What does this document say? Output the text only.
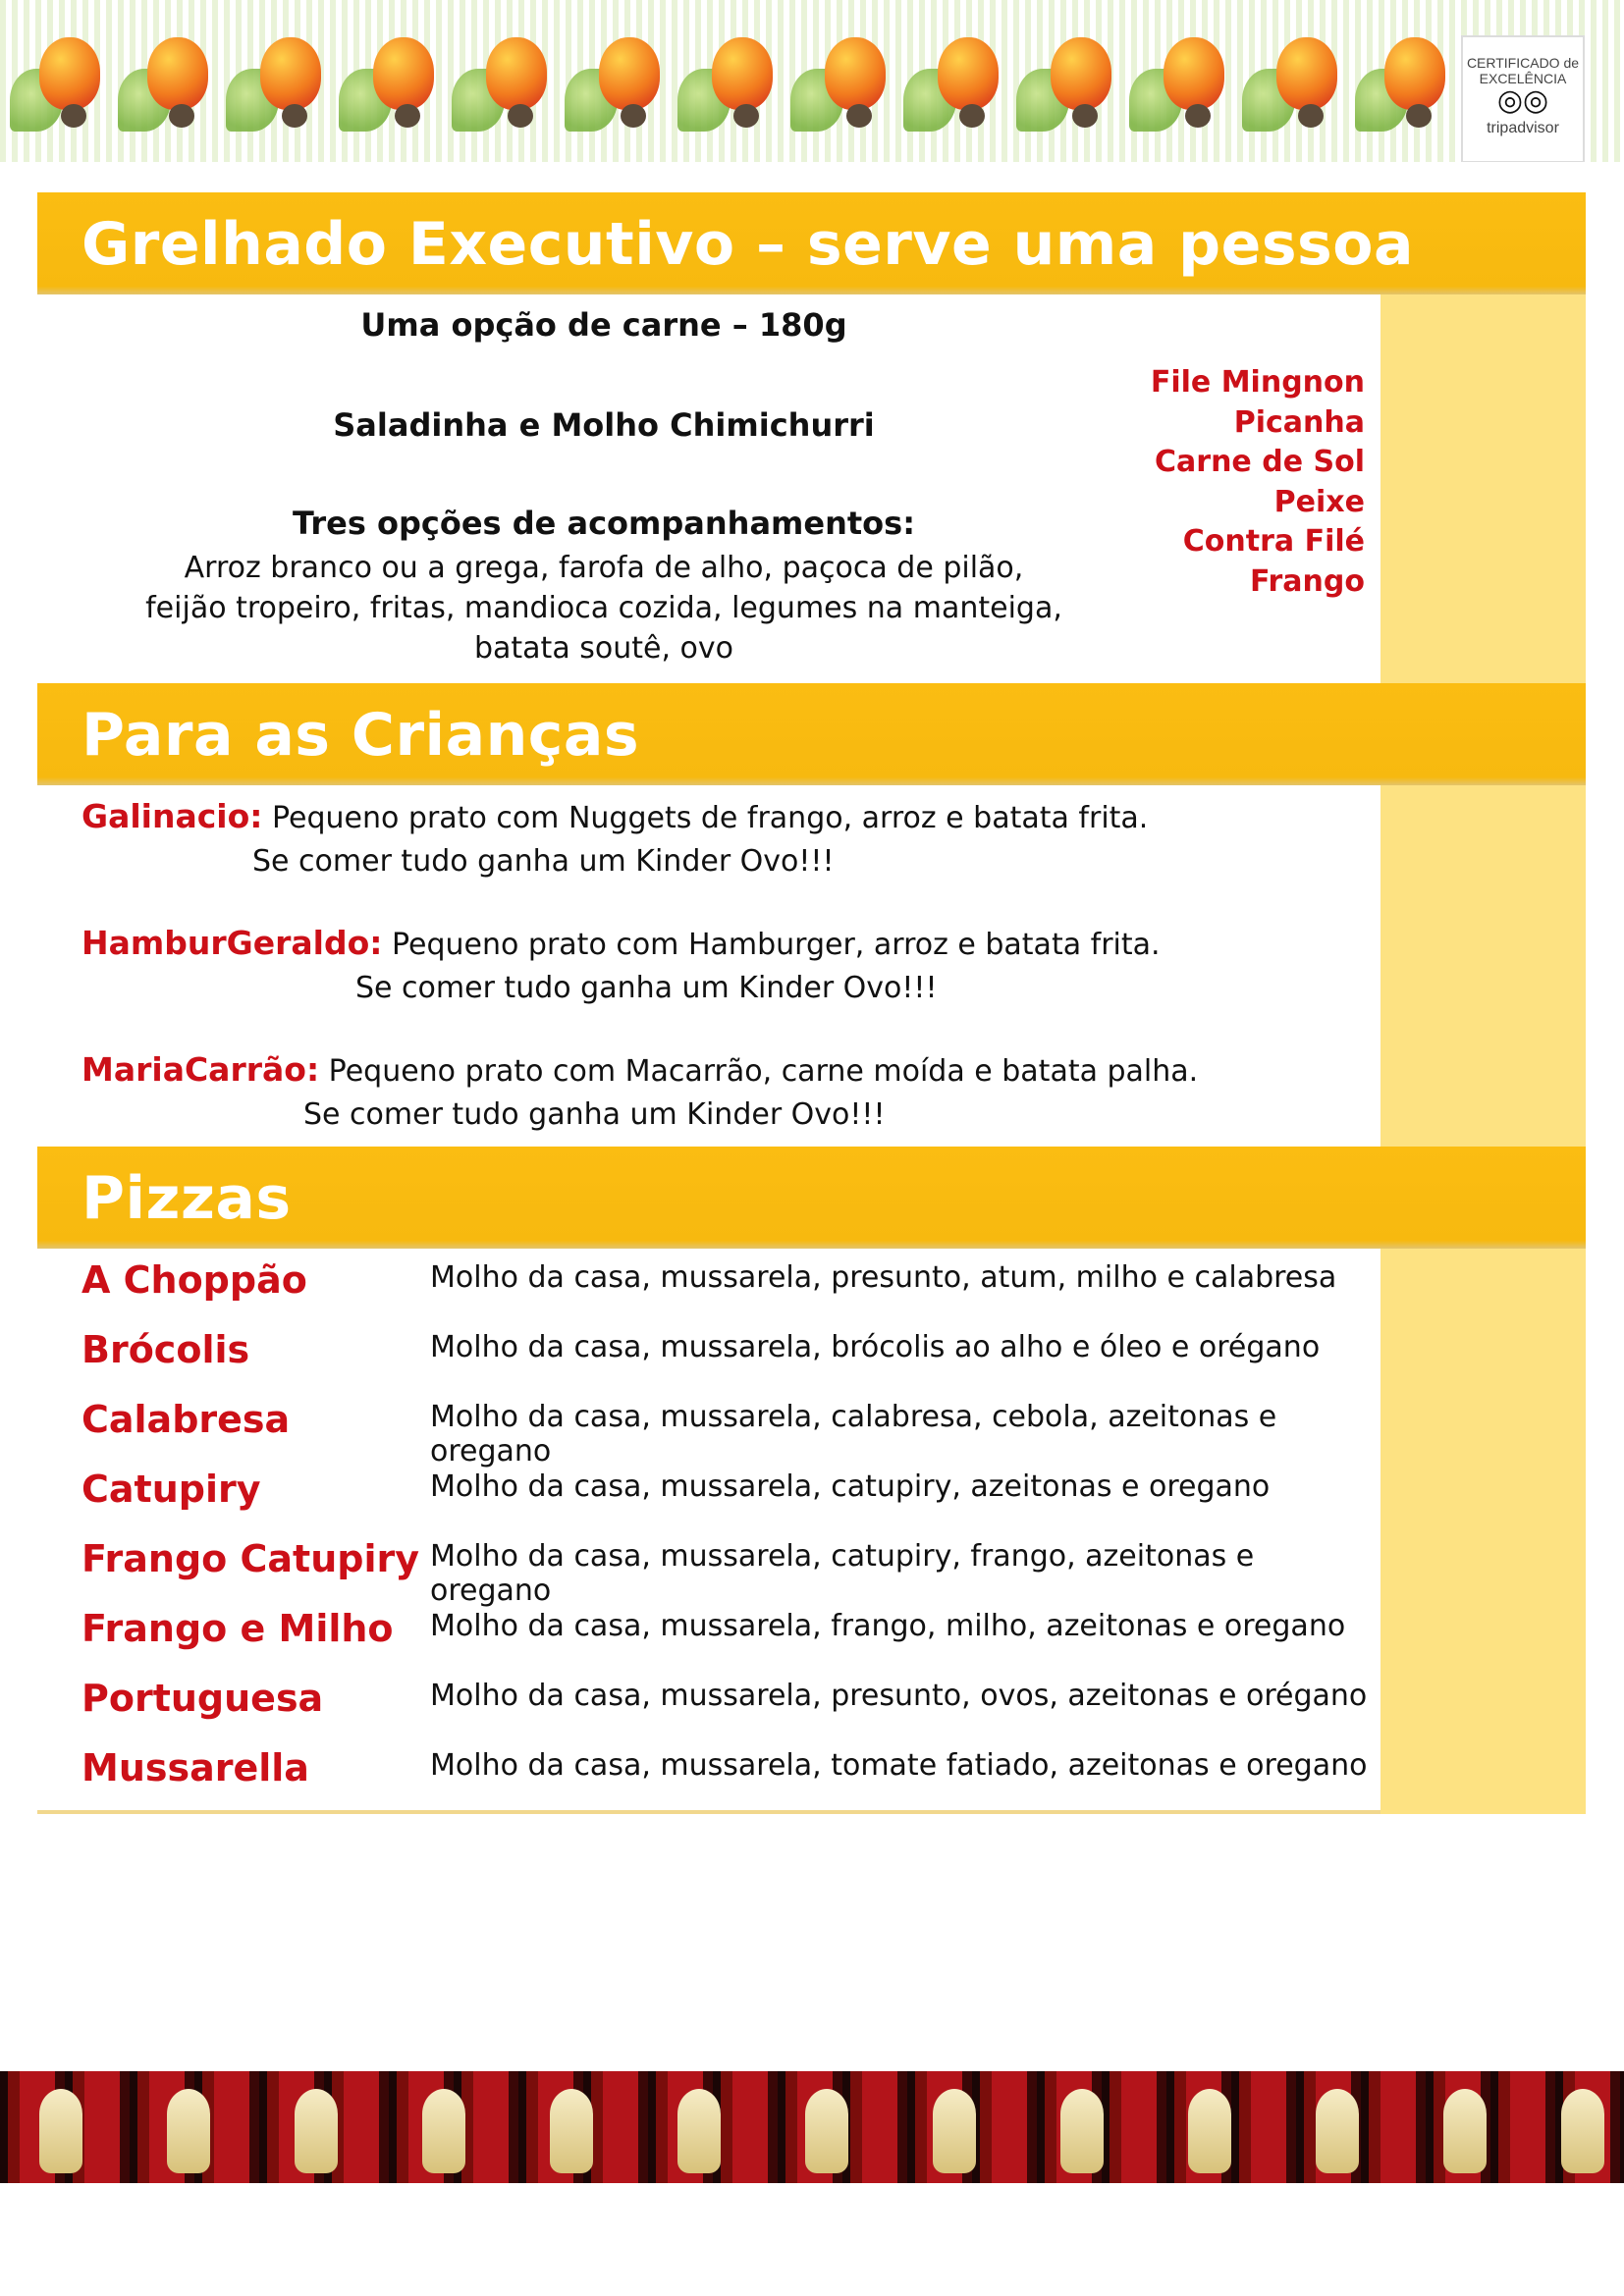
CERTIFICADO de EXCELÊNCIA
◎◎
tripadvisor
Grelhado Executivo – serve uma pessoa
Uma opção de carne – 180g
Saladinha e Molho Chimichurri
Tres opções de acompanhamentos:
Arroz branco ou a grega, farofa de alho, paçoca de pilão,
feijão tropeiro, fritas, mandioca cozida, legumes na manteiga,
batata soutê, ovo
File Mingnon
Picanha
Carne de Sol
Peixe
Contra Filé
Frango
Para as Crianças
Galinacio: Pequeno prato com Nuggets de frango, arroz e batata frita.
Se comer tudo ganha um Kinder Ovo!!!
HamburGeraldo: Pequeno prato com Hamburger, arroz e batata frita.
Se comer tudo ganha um Kinder Ovo!!!
MariaCarrão: Pequeno prato com Macarrão, carne moída e batata palha.
Se comer tudo ganha um Kinder Ovo!!!
Pizzas
A Choppão	Molho da casa, mussarela, presunto, atum, milho e calabresa
Brócolis	Molho da casa, mussarela, brócolis ao alho e óleo e orégano
Calabresa	Molho da casa, mussarela, calabresa, cebola, azeitonas e oregano
Catupiry	Molho da casa, mussarela, catupiry, azeitonas e oregano
Frango Catupiry Molho da casa, mussarela, catupiry, frango, azeitonas e oregano
Frango e Milho Molho da casa, mussarela, frango, milho, azeitonas e oregano
Portuguesa	Molho da casa, mussarela, presunto, ovos, azeitonas e orégano
Mussarella	Molho da casa, mussarela, tomate fatiado, azeitonas e oregano
